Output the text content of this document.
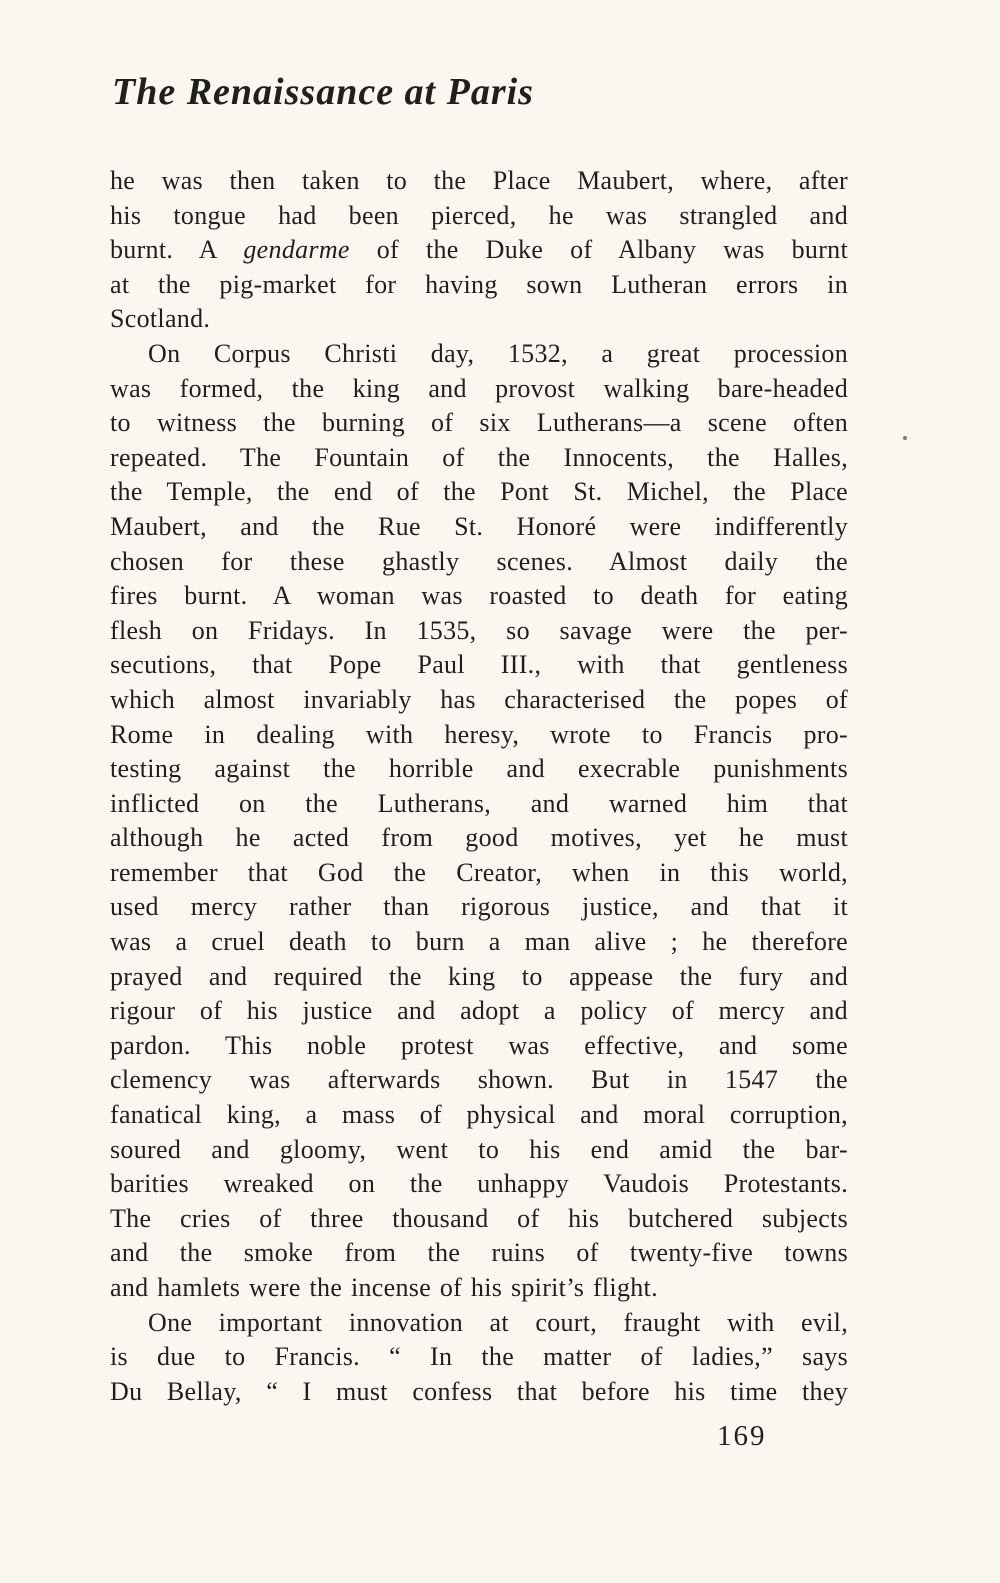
The Renaissance at Paris
he was then taken to the Place Maubert, where, after
his tongue had been pierced, he was strangled and
burnt. A gendarme of the Duke of Albany was burnt
at the pig-market for having sown Lutheran errors in
Scotland.
On Corpus Christi day, 1532, a great procession
was formed, the king and provost walking bare-headed
to witness the burning of six Lutherans—a scene often
repeated. The Fountain of the Innocents, the Halles,
the Temple, the end of the Pont St. Michel, the Place
Maubert, and the Rue St. Honoré were indifferently
chosen for these ghastly scenes. Almost daily the
fires burnt. A woman was roasted to death for eating
flesh on Fridays. In 1535, so savage were the per-
secutions, that Pope Paul III., with that gentleness
which almost invariably has characterised the popes of
Rome in dealing with heresy, wrote to Francis pro-
testing against the horrible and execrable punishments
inflicted on the Lutherans, and warned him that
although he acted from good motives, yet he must
remember that God the Creator, when in this world,
used mercy rather than rigorous justice, and that it
was a cruel death to burn a man alive ; he therefore
prayed and required the king to appease the fury and
rigour of his justice and adopt a policy of mercy and
pardon. This noble protest was effective, and some
clemency was afterwards shown. But in 1547 the
fanatical king, a mass of physical and moral corruption,
soured and gloomy, went to his end amid the bar-
barities wreaked on the unhappy Vaudois Protestants.
The cries of three thousand of his butchered subjects
and the smoke from the ruins of twenty-five towns
and hamlets were the incense of his spirit’s flight.
One important innovation at court, fraught with evil,
is due to Francis. “ In the matter of ladies,” says
Du Bellay, “ I must confess that before his time they
169
